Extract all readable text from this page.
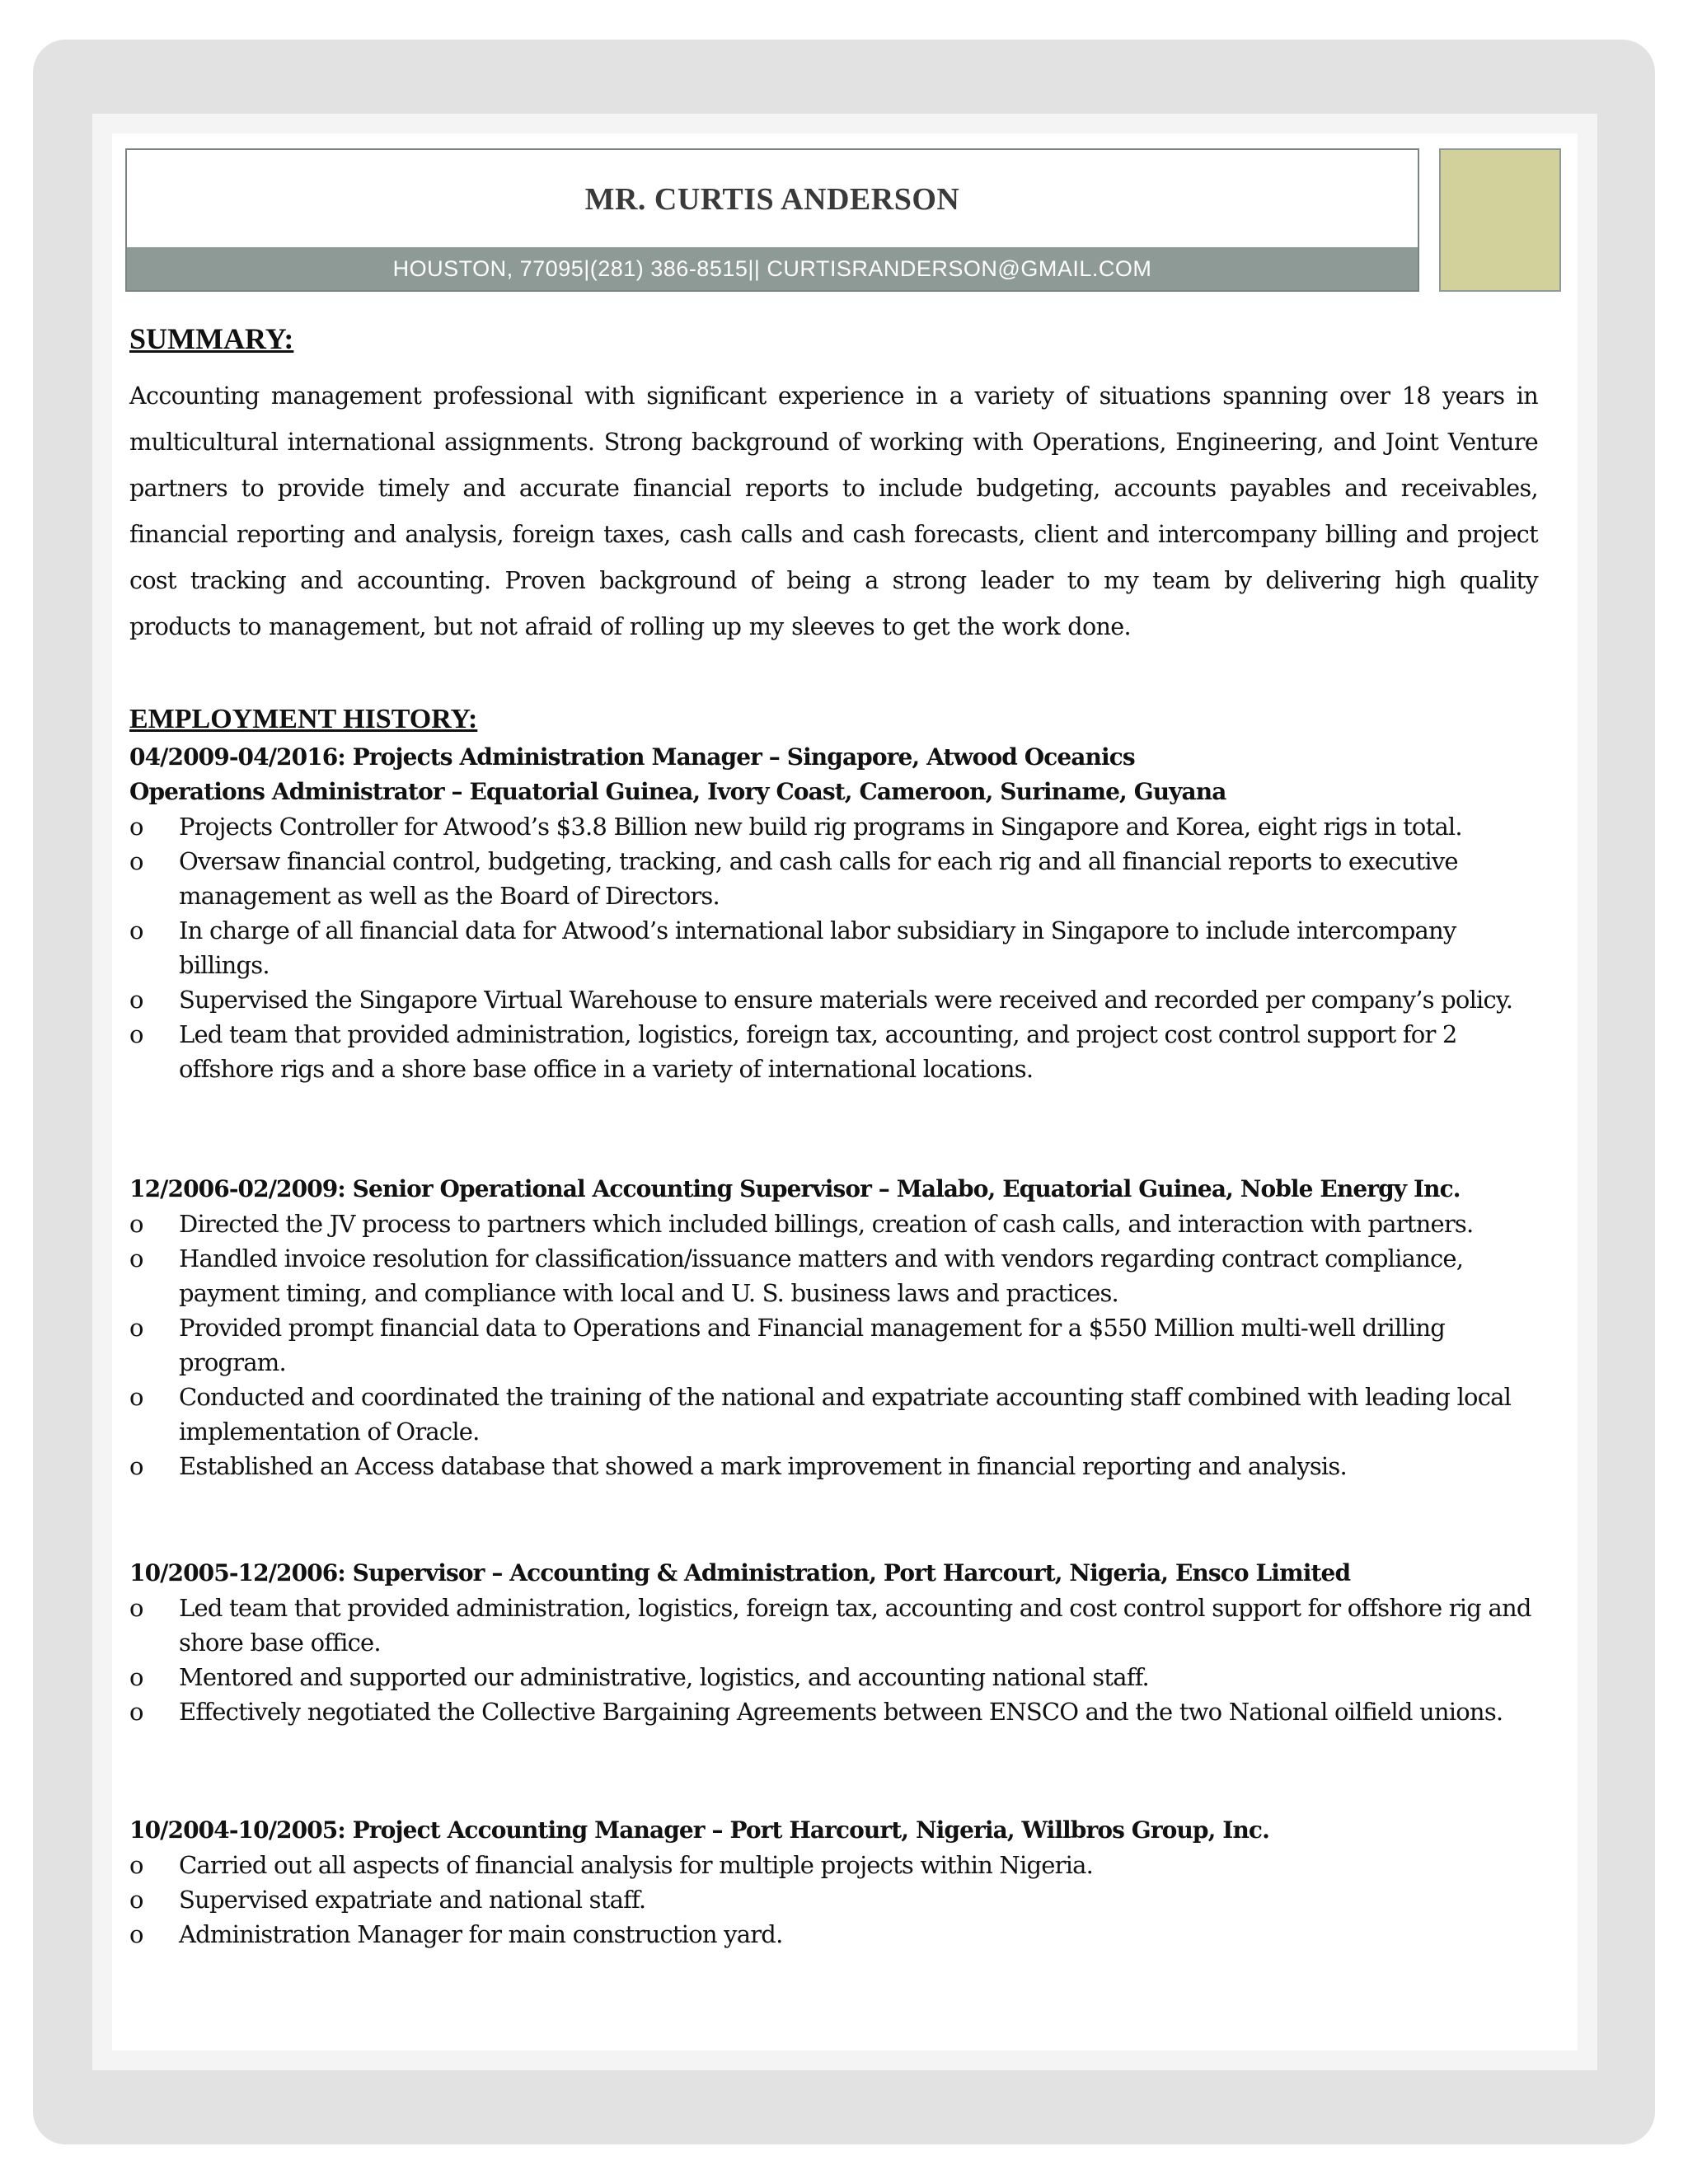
MR. CURTIS ANDERSON
HOUSTON, 77095|(281) 386-8515|| CURTISRANDERSON@GMAIL.COM
SUMMARY:
Accounting management professional with significant experience in a variety of situations spanning over 18 years in multicultural international assignments. Strong background of working with Operations, Engineering, and Joint Venture partners to provide timely and accurate financial reports to include budgeting, accounts payables and receivables, financial reporting and analysis, foreign taxes, cash calls and cash forecasts, client and intercompany billing and project cost tracking and accounting. Proven background of being a strong leader to my team by delivering high quality products to management, but not afraid of rolling up my sleeves to get the work done.
EMPLOYMENT HISTORY:
04/2009-04/2016: Projects Administration Manager – Singapore, Atwood Oceanics
Operations Administrator – Equatorial Guinea, Ivory Coast, Cameroon, Suriname, Guyana
o Projects Controller for Atwood’s $3.8 Billion new build rig programs in Singapore and Korea, eight rigs in total.
o Oversaw financial control, budgeting, tracking, and cash calls for each rig and all financial reports to executive management as well as the Board of Directors.
o In charge of all financial data for Atwood’s international labor subsidiary in Singapore to include intercompany billings.
o Supervised the Singapore Virtual Warehouse to ensure materials were received and recorded per company’s policy.
o Led team that provided administration, logistics, foreign tax, accounting, and project cost control support for 2 offshore rigs and a shore base office in a variety of international locations.
12/2006-02/2009: Senior Operational Accounting Supervisor – Malabo, Equatorial Guinea, Noble Energy Inc.
o Directed the JV process to partners which included billings, creation of cash calls, and interaction with partners.
o Handled invoice resolution for classification/issuance matters and with vendors regarding contract compliance, payment timing, and compliance with local and U. S. business laws and practices.
o Provided prompt financial data to Operations and Financial management for a $550 Million multi-well drilling program.
o Conducted and coordinated the training of the national and expatriate accounting staff combined with leading local implementation of Oracle.
o Established an Access database that showed a mark improvement in financial reporting and analysis.
10/2005-12/2006: Supervisor – Accounting & Administration, Port Harcourt, Nigeria, Ensco Limited
o Led team that provided administration, logistics, foreign tax, accounting and cost control support for offshore rig and shore base office.
o Mentored and supported our administrative, logistics, and accounting national staff.
o Effectively negotiated the Collective Bargaining Agreements between ENSCO and the two National oilfield unions.
10/2004-10/2005: Project Accounting Manager – Port Harcourt, Nigeria, Willbros Group, Inc.
o Carried out all aspects of financial analysis for multiple projects within Nigeria.
o Supervised expatriate and national staff.
o Administration Manager for main construction yard.
